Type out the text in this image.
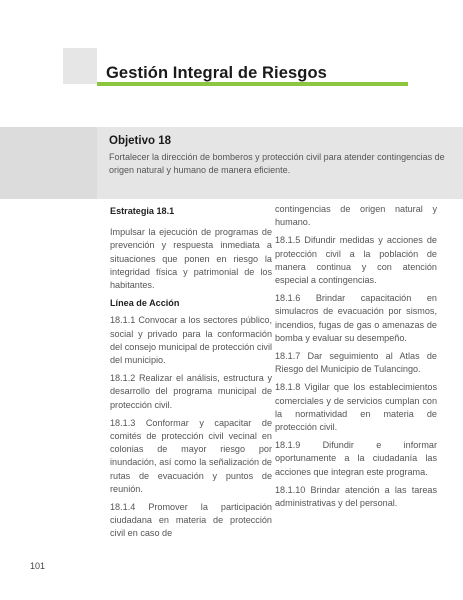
Gestión Integral de Riesgos
Objetivo 18
Fortalecer la dirección de bomberos y protección civil para atender contingencias de origen natural y humano de manera eficiente.

Estrategia 18.1

Impulsar la ejecución de programas de prevención y respuesta inmediata a situaciones que ponen en riesgo la integridad física y patrimonial de los habitantes.

Línea de Acción

18.1.1 Convocar a los sectores público, social y privado para la conformación del consejo municipal de protección civil del municipio.

18.1.2 Realizar el análisis, estructura y desarrollo del programa municipal de protección civil.

18.1.3 Conformar y capacitar de comités de protección civil vecinal en colonias de mayor riesgo por inundación, así como la señalización de rutas de evacuación y puntos de reunión.

18.1.4 Promover la participación ciudadana en materia de protección civil en caso de

contingencias de origen natural y humano.

18.1.5 Difundir medidas y acciones de protección civil a la población de manera continua y con atención especial a contingencias.

18.1.6 Brindar capacitación en simulacros de evacuación por sismos, incendios, fugas de gas o amenazas de bomba y evaluar su desempeño.

18.1.7 Dar seguimiento al Atlas de Riesgo del Municipio de Tulancingo.

18.1.8 Vigilar que los establecimientos comerciales y de servicios cumplan con la normatividad en materia de protección civil.

18.1.9 Difundir e informar oportunamente a la ciudadanía las acciones que integran este programa.

18.1.10 Brindar atención a las tareas administrativas y del personal.

101
